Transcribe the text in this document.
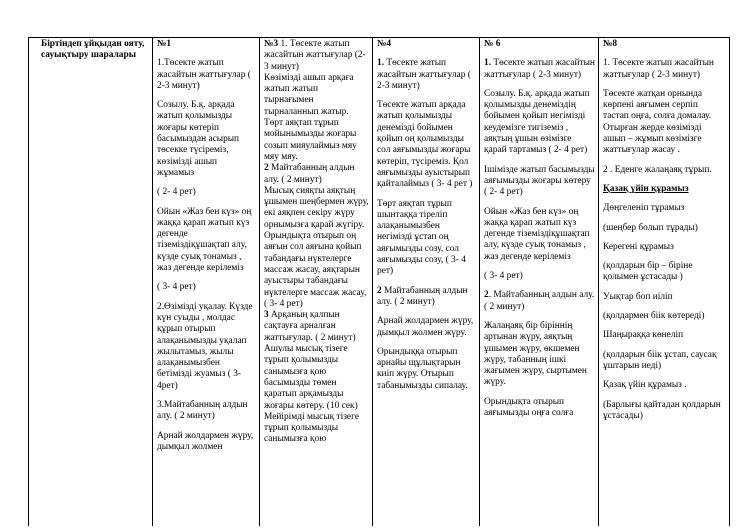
Біртіндеп ұйқыдан ояту, сауықтыру шаралары

№1

1.Төсекте жатып жасайтын жаттығулар ( 2-3 минут)

Созылу. Б.қ. арқада жатып қолымызды жоғары көтеріп басымыздан асырып төсекке түсіреміз, көзімізді ашып жұмамыз

( 2- 4 рет)

Ойын «Жаз бен күз» оң жаққа қарап жатып күз дегенде тіземіздіқұшақтап алу, күзде суық тонамыз , жаз дегенде керілеміз

( 3- 4 рет)

2.Өзімізді уқалау. Күзде күн суыды , молдас құрып отырып алақанымызды уқалап жылытамыз, жылы алақанымызбен бетімізді жуамыз ( 3- 4рет)

3.Майтабанның алдын алу. ( 2 минут)

Арнай жолдармен жүру, дымқыл жолмен

№3 1. Төсекте жатып жасайтын жаттығулар (2-3 минут)

Көзімізді ашып арқаға жатып жатып тырнағымен тырналаннып жатыр. Төрт аяқтап тұрып мойынымызды жоғары созып мияулаймыз мяу мяу мяу.

2 Майтабанның алдын алу. ( 2 минут)

Мысық сияқты аяқтың ұшымен шеңбермен жүру, екі аяқпен секіру жүру орнымызға қарай жүгіру.

Орындықта отырып оң аяғын сол аяғына қойып табандағы нүктелерге массаж жасау, аяқтарын ауыстыры табандағы нүктелерге массаж жасау, ( 3- 4 рет)

3 Арқаның қалпын сақтауға арналған жаттығулар. ( 2 минут)

Ашулы мысық тізеге тұрып қолымызды санымызға қою басымызды төмен қаратып арқамызды жоғары көтеру. (10 сек) Мейірімді мысық тізеге тұрып қолымызды санымызға қою

№4

1. Төсекте жатып жасайтын жаттығулар ( 2-3 минут)

Төсекте жатып арқада жатып қолымызды денемізді бойымен қойып оң қолымызды сол аяғымызды жоғары көтеріп, түсіреміз. Қол аяғымызды ауыстырып қайталаймыз ( 3- 4 рет )

Төрт аяқтап тұрып шынтаққа тіреліп алақанымызбен негімізді ұстап оң аяғымызды созу, сол аяғымызды созу, ( 3- 4 рет)

2 Майтабанның алдын алу. ( 2 минут)

Арнай жолдармен жүру, дымқыл жолмен жүру.

Орындыққа отырып арнайы щұлықтарын киіп жүру. Отырып табанымызды сипалау.

№ 6

1. Төсекте жатып жасайтын жаттығулар ( 2-3 минут)

Созылу. Б.қ. арқада жатып қолымызды денеміздің бойымен қойып негімізді кеудемізге тигіземіз , аяқтың ұшын өзімізге қарай тартамыз ( 2- 4 рет)

Ішімізде жатып басымызды аяғымызды жоғары көтеру ( 2- 4 рет)

Ойын «Жаз бен күз» оң жаққа қарап жатып күз дегенде тіземіздіқұшақтап алу, күзде суық тонамыз , жаз дегенде керілеміз

( 3- 4 рет)

2. Майтабанның алдын алу. ( 2 минут)

Жалаңаяқ бір біріннің артынан жүру, аяқтың ұшымен жүру, өкшемен жүру, табанның ішкі жағымен жүру, сыртымен жүру.

Орындықта отырып аяғымызды оңға солға

№8

1. Төсекте жатып жасайтын жаттығулар ( 2-3 минут)

Төсекте жатқан орнында көрпені аяғымен серпіп тастап оңға, солға домалау. Отырған жерде көзімізді ашып – жұмып көзімізге жаттығулар жасау .

2 . Еденге жалаңаяқ тұрып.

Қазақ үйін құрамыз

Дөңгеленіп тұрамыз

(шеңбер болып тұрады)

Керегені құрамыз

(қолдарын бір – біріне қолымен ұстасады )

Уықтар боп иіліп

(қолдармен біік көтереді)

Шаңыраққа көнеліп

(қолдарын біік ұстап, саусақ ұштарын иеді)

Қазақ үйін құрамыз .

(Барлығы қайтадан қолдарын ұстасады)
